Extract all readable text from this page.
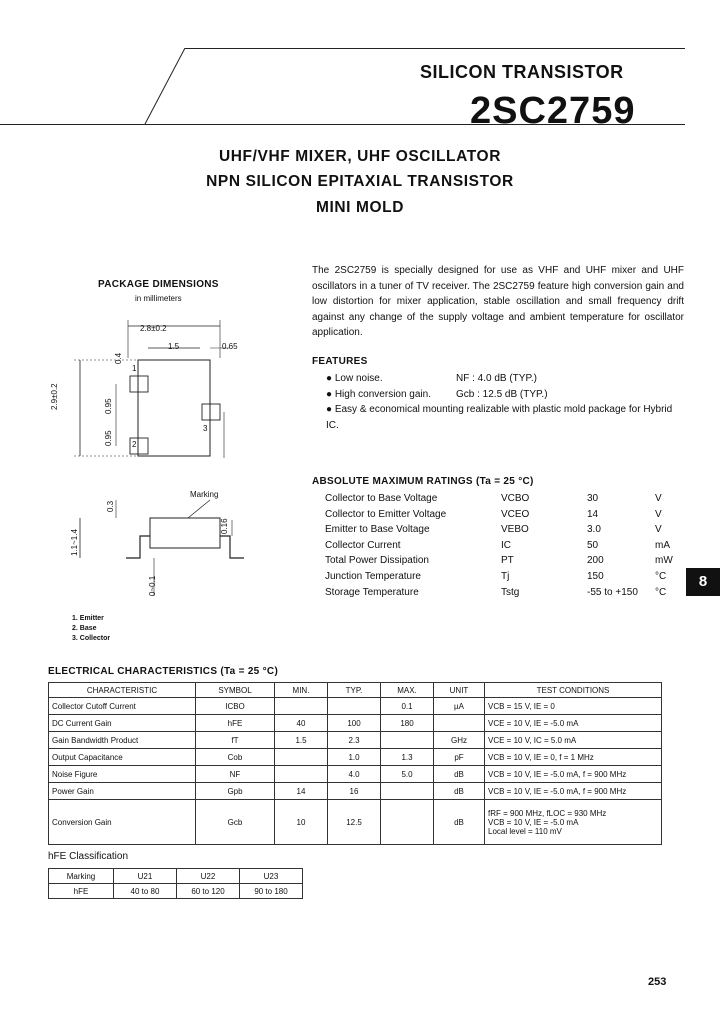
SILICON TRANSISTOR
2SC2759
UHF/VHF MIXER, UHF OSCILLATOR
NPN SILICON EPITAXIAL TRANSISTOR
MINI MOLD
PACKAGE DIMENSIONS
in millimeters
2.8±0.2
1.5	0.65
2.9±0.2	0.95
0.95
0.4
1
2
3
Marking
0.3
1.1~1.4
0.16
0~0.1
1. Emitter
2. Base
3. Collector
The 2SC2759 is specially designed for use as VHF and UHF mixer and UHF oscillators in a tuner of TV receiver. The 2SC2759 feature high conversion gain and low distortion for mixer application, stable oscillation and small frequency drift against any change of the supply voltage and ambient temperature for oscillator application.
FEATURES
● Low noise.	NF : 4.0 dB (TYP.)
● High conversion gain.	Gcb : 12.5 dB (TYP.)
● Easy & economical mounting realizable with plastic mold package for Hybrid IC.
ABSOLUTE MAXIMUM RATINGS (Ta = 25 °C)
Collector to Base Voltage	VCBO	30	V
Collector to Emitter Voltage	VCEO	14	V
Emitter to Base Voltage	VEBO	3.0	V
Collector Current	IC	50	mA
Total Power Dissipation	PT	200	mW
Junction Temperature	Tj	150	°C
Storage Temperature	Tstg	-55 to +150 °C
8
ELECTRICAL CHARACTERISTICS (Ta = 25 °C)
CHARACTERISTIC	SYMBOL	MIN.	TYP.	MAX.	UNIT	TEST CONDITIONS
Collector Cutoff Current	ICBO			0.1	µA	VCB = 15 V, IE = 0
DC Current Gain	hFE	40	100	180		VCE = 10 V, IE = -5.0 mA
Gain Bandwidth Product	fT	1.5	2.3		GHz	VCE = 10 V, IC = 5.0 mA
Output Capacitance	Cob		1.0	1.3	pF	VCB = 10 V, IE = 0, f = 1 MHz
Noise Figure	NF		4.0	5.0	dB	VCB = 10 V, IE = -5.0 mA, f = 900 MHz
Power Gain	Gpb	14	16		dB	VCB = 10 V, IE = -5.0 mA, f = 900 MHz
Conversion Gain	Gcb	10	12.5		dB	fRF = 900 MHz, fLOC = 930 MHz
VCB = 10 V, IE = -5.0 mA
Local level = 110 mV
hFE Classification
Marking	U21	U22	U23
hFE	40 to 80	60 to 120	90 to 180
253
